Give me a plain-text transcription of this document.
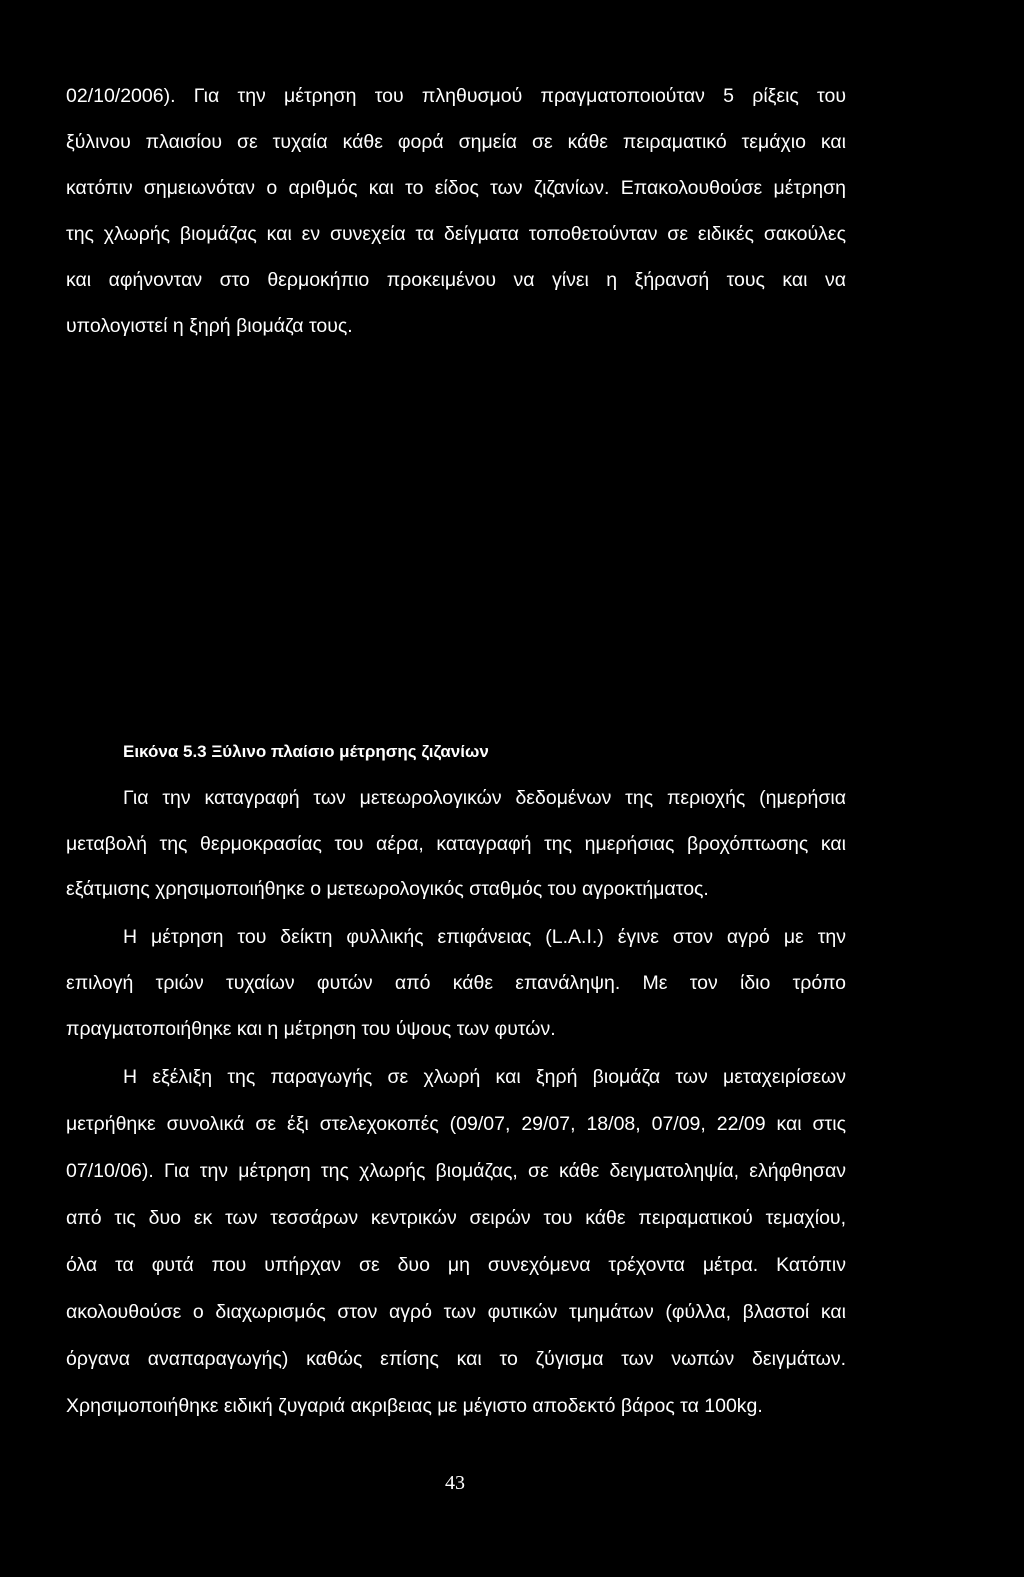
02/10/2006). Για την μέτρηση του πληθυσμού πραγματοποιούταν 5 ρίξεις του
ξύλινου πλαισίου σε τυχαία κάθε φορά σημεία σε κάθε πειραματικό τεμάχιο και
κατόπιν σημειωνόταν ο αριθμός και το είδος των ζιζανίων. Επακολουθούσε μέτρηση
της χλωρής βιομάζας και εν συνεχεία τα δείγματα τοποθετούνταν σε ειδικές σακούλες
και αφήνονταν στο θερμοκήπιο προκειμένου να γίνει η ξήρανσή τους και να
υπολογιστεί η ξηρή βιομάζα τους.
Εικόνα 5.3 Ξύλινο πλαίσιο μέτρησης ζιζανίων
Για την καταγραφή των μετεωρολογικών δεδομένων της περιοχής (ημερήσια
μεταβολή της θερμοκρασίας του αέρα, καταγραφή της ημερήσιας βροχόπτωσης και
εξάτμισης χρησιμοποιήθηκε ο μετεωρολογικός σταθμός του αγροκτήματος.
Η μέτρηση του δείκτη φυλλικής επιφάνειας (L.A.I.) έγινε στον αγρό με την
επιλογή τριών τυχαίων φυτών από κάθε επανάληψη. Με τον ίδιο τρόπο
πραγματοποιήθηκε και η μέτρηση του ύψους των φυτών.
Η εξέλιξη της παραγωγής σε χλωρή και ξηρή βιομάζα των μεταχειρίσεων
μετρήθηκε συνολικά σε έξι στελεχοκοπές (09/07, 29/07, 18/08, 07/09, 22/09 και στις
07/10/06). Για την μέτρηση της χλωρής βιομάζας, σε κάθε δειγματοληψία, ελήφθησαν
από τις δυο εκ των τεσσάρων κεντρικών σειρών του κάθε πειραματικού τεμαχίου,
όλα τα φυτά που υπήρχαν σε δυο μη συνεχόμενα τρέχοντα μέτρα. Κατόπιν
ακολουθούσε ο διαχωρισμός στον αγρό των φυτικών τμημάτων (φύλλα, βλαστοί και
όργανα αναπαραγωγής) καθώς επίσης και το ζύγισμα των νωπών δειγμάτων.
Χρησιμοποιήθηκε ειδική ζυγαριά ακριβειας με μέγιστο αποδεκτό βάρος τα 100kg.
43
